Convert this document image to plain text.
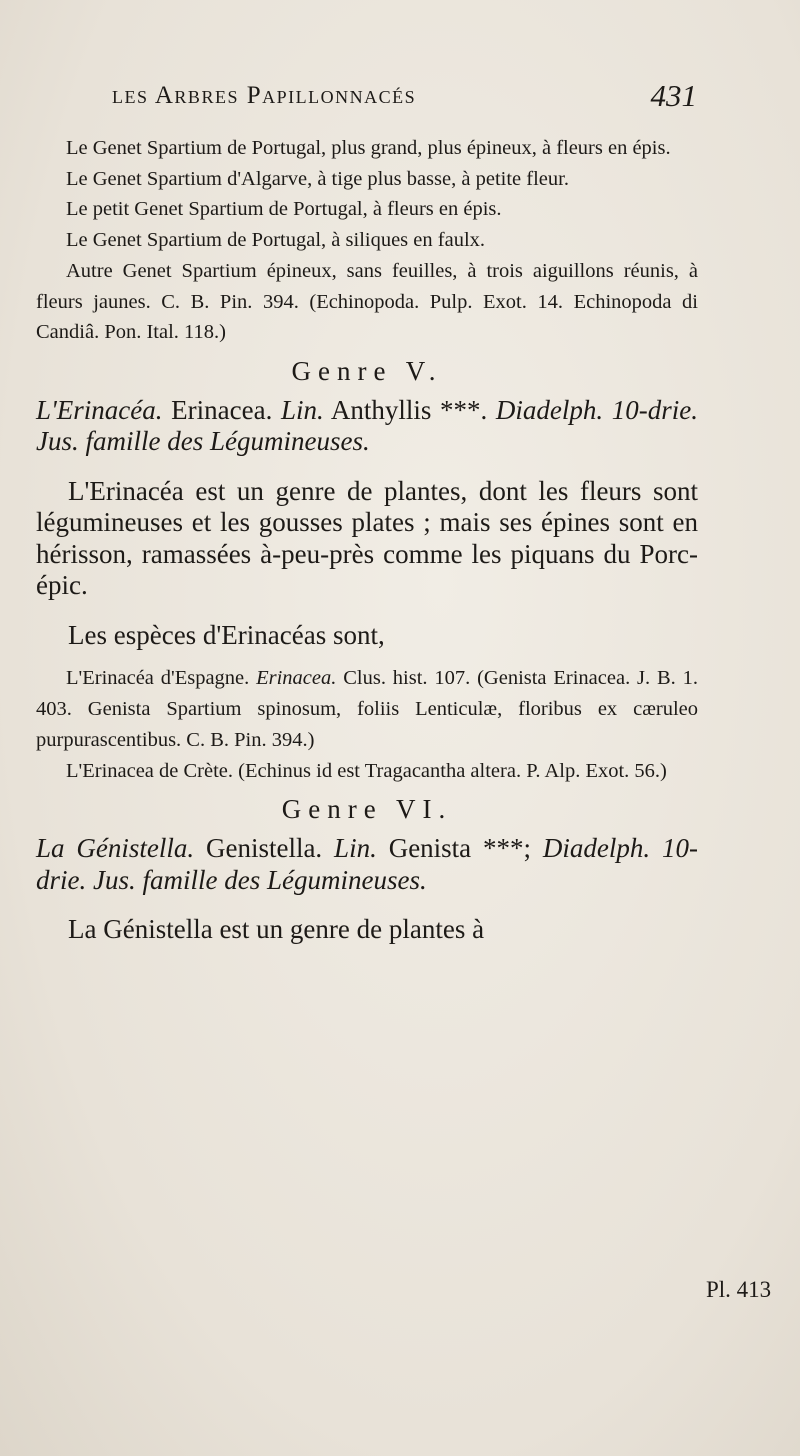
les Arbres Papillonnacés	431

Le Genet Spartium de Portugal, plus grand, plus épineux, à fleurs en épis.

Le Genet Spartium d'Algarve, à tige plus basse, à petite fleur.

Le petit Genet Spartium de Portugal, à fleurs en épis.

Le Genet Spartium de Portugal, à siliques en faulx.

Autre Genet Spartium épineux, sans feuilles, à trois aiguillons réunis, à fleurs jaunes. C. B. Pin. 394. (Echinopoda. Pulp. Exot. 14. Echinopoda di Candiâ. Pon. Ital. 118.)

Genre V.

L'Erinacéa. Erinacea. Lin. Anthyllis ***. Diadelph. 10-drie. Jus. famille des Légumineuses.

L'Erinacéa est un genre de plantes, dont les fleurs sont légumineuses et les gousses plates ; mais ses épines sont en hérisson, ramassées à-peu-près comme les piquans du Porc-épic.

Les espèces d'Erinacéas sont,

L'Erinacéa d'Espagne. Erinacea. Clus. hist. 107. (Genista Erinacea. J. B. 1. 403. Genista Spartium spinosum, foliis Lenticulæ, floribus ex cæruleo purpurascentibus. C. B. Pin. 394.)

L'Erinacea de Crète. (Echinus id est Tragacantha altera. P. Alp. Exot. 56.)

Genre VI.

La Génistella. Genistella. Lin. Genista ***; Diadelph. 10-drie. Jus. famille des Légumineuses.

La Génistella est un genre de plantes à

Pl. 413
